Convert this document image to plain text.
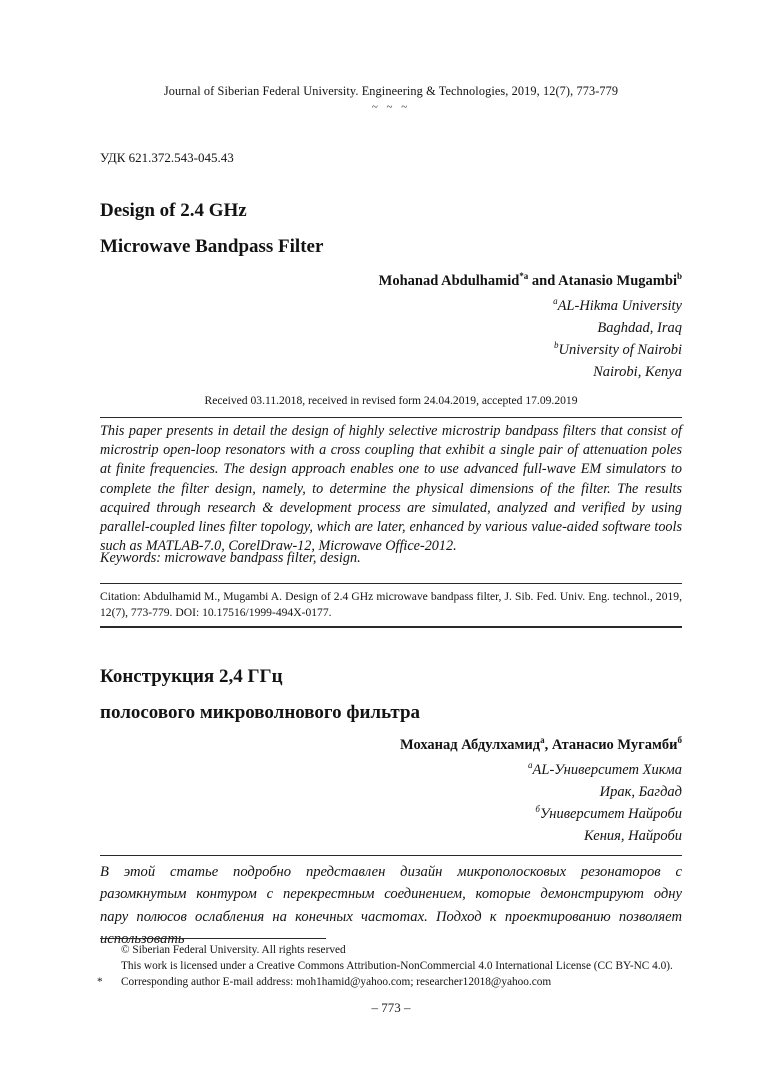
Journal of Siberian Federal University. Engineering & Technologies, 2019, 12(7), 773-779
~ ~ ~
УДК 621.372.543-045.43
Design of 2.4 GHz
Microwave Bandpass Filter
Mohanad Abdulhamid$^{*a}$ and Atanasio Mugambi$^b$
$^a$AL-Hikma University
Baghdad, Iraq
$^b$University of Nairobi
Nairobi, Kenya
Received 03.11.2018, received in revised form 24.04.2019, accepted 17.09.2019
This paper presents in detail the design of highly selective microstrip bandpass filters that consist of microstrip open-loop resonators with a cross coupling that exhibit a single pair of attenuation poles at finite frequencies. The design approach enables one to use advanced full-wave EM simulators to complete the filter design, namely, to determine the physical dimensions of the filter. The results acquired through research & development process are simulated, analyzed and verified by using parallel-coupled lines filter topology, which are later, enhanced by various value-aided software tools such as MATLAB-7.0, CorelDraw-12, Microwave Office-2012.
Keywords: microwave bandpass filter, design.
Citation: Abdulhamid M., Mugambi A. Design of 2.4 GHz microwave bandpass filter, J. Sib. Fed. Univ. Eng. technol., 2019, 12(7), 773-779. DOI: 10.17516/1999-494X-0177.
Конструкция 2,4 ГГц
полосового микроволнового фильтра
Моханад Абдулхамид$^а$, Атанасио Мугамби$^б$
$^а$AL-Университет Хикма
Ирак, Багдад
$^б$Университет Найроби
Кения, Найроби
В этой статье подробно представлен дизайн микрополосковых резонаторов с разомкнутым контуром с перекрестным соединением, которые демонстрируют одну пару полюсов ослабления на конечных частотах. Подход к проектированию позволяет использовать
© Siberian Federal University. All rights reserved
This work is licensed under a Creative Commons Attribution-NonCommercial 4.0 International License (CC BY-NC 4.0).
* Corresponding author E-mail address: moh1hamid@yahoo.com; researcher12018@yahoo.com
– 773 –
